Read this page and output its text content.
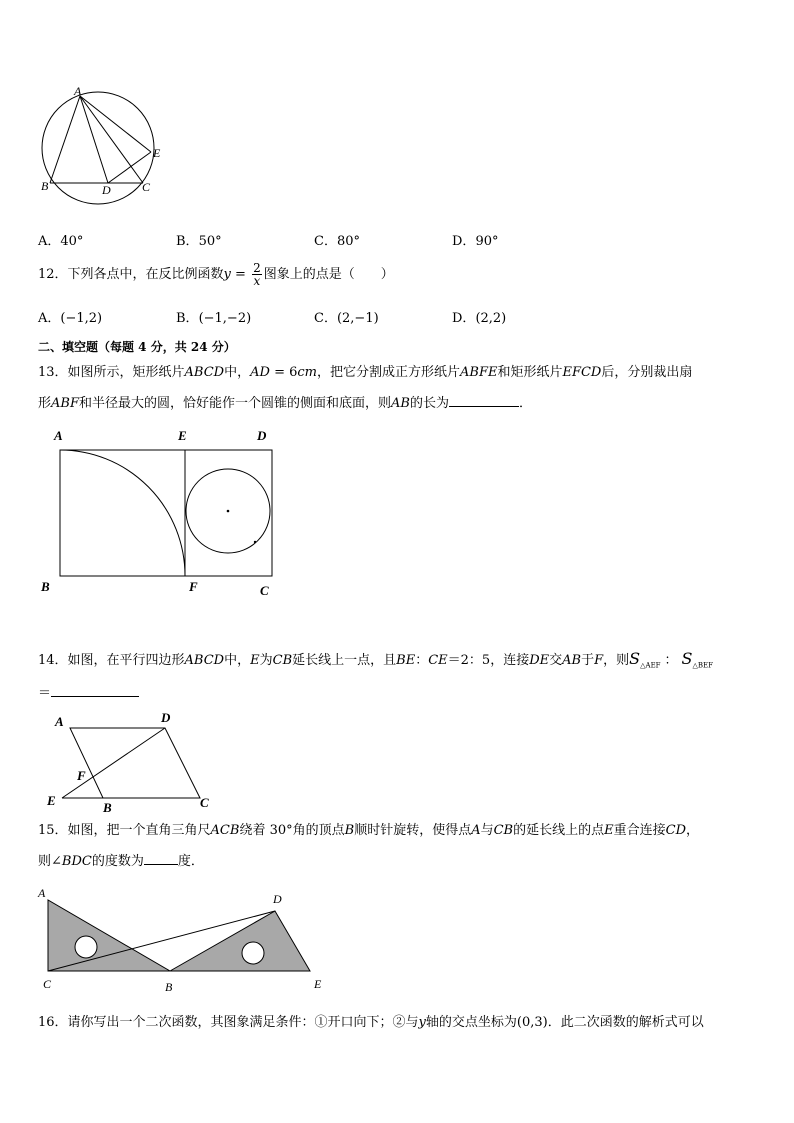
A
B	C
D
E
A．40°	B．50°	C．80°	D．90°
12．下列各点中，在反比例函数$y = \frac{2}{x}$ 图象上的点是（　　）
A．(−1,2)	B．(−1,−2)	C．(2,−1)	D．(2,2)
二、填空题（每题 4 分，共 24 分）
13．如图所示，矩形纸片ABCD中，AD = 6cm，把它分割成正方形纸片ABFE和矩形纸片EFCD后，分别裁出扇
形ABF和半径最大的圆，恰好能作一个圆锥的侧面和底面，则AB的长为	．
A	E	D
B	F	C
14．如图，在平行四边形ABCD中，E为CB延长线上一点，且BE：CE＝2：5，连接DE交AB于F，则$S_{\triangle AEF}$ ： $S_{\triangle BEF}$
＝
A	D
F
E	B	C
15．如图，把一个直角三角尺ACB绕着 30°角的顶点B顺时针旋转，使得点A与CB的延长线上的点E重合连接CD，
则∠BDC的度数为	度．
A	D
C	B	E
16．请你写出一个二次函数，其图象满足条件：①开口向下；②与y轴的交点坐标为(0,3)．此二次函数的解析式可以
